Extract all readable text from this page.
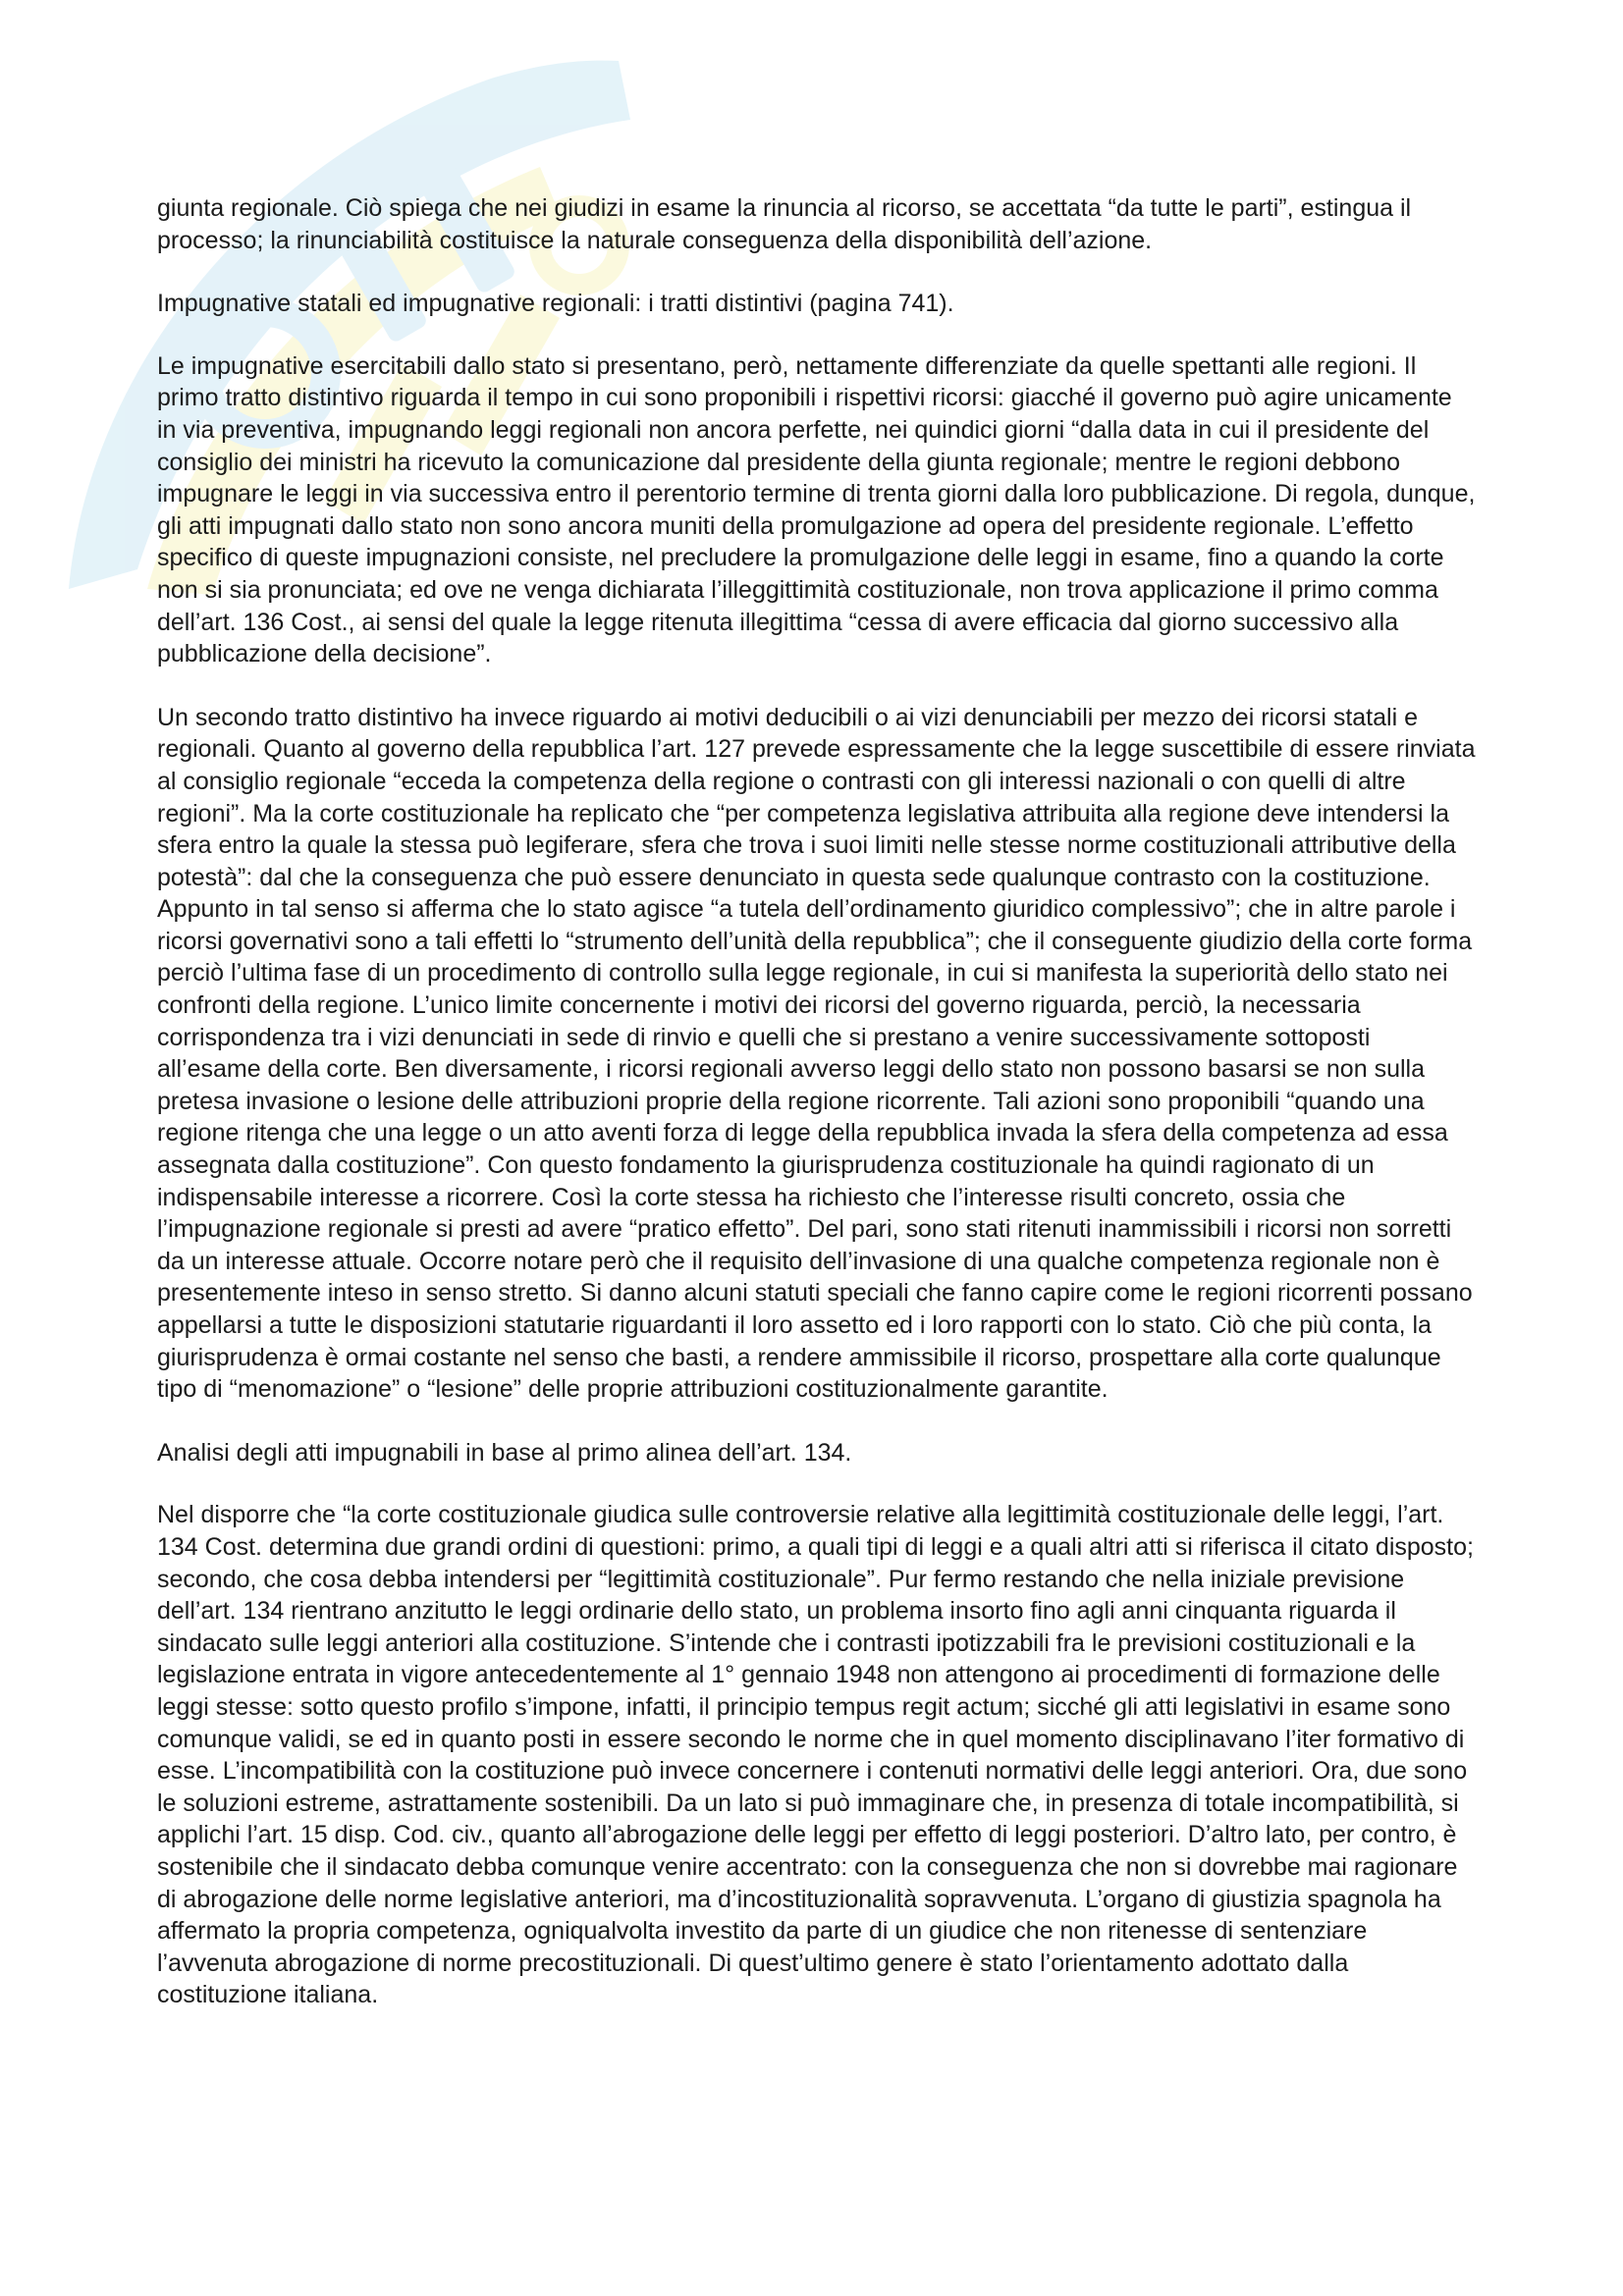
giunta regionale. Ciò spiega che nei giudizi in esame la rinuncia al ricorso, se accettata “da tutte le parti”, estingua il processo; la rinunciabilità costituisce la naturale conseguenza della disponibilità dell’azione.

Impugnative statali ed impugnative regionali: i tratti distintivi (pagina 741).

Le impugnative esercitabili dallo stato si presentano, però, nettamente differenziate da quelle spettanti alle regioni. Il primo tratto distintivo riguarda il tempo in cui sono proponibili i rispettivi ricorsi: giacché il governo può agire unicamente in via preventiva, impugnando leggi regionali non ancora perfette, nei quindici giorni “dalla data in cui il presidente del consiglio dei ministri ha ricevuto la comunicazione dal presidente della giunta regionale; mentre le regioni debbono impugnare le leggi in via successiva entro il perentorio termine di trenta giorni dalla loro pubblicazione. Di regola, dunque, gli atti impugnati dallo stato non sono ancora muniti della promulgazione ad opera del presidente regionale. L’effetto specifico di queste impugnazioni consiste, nel precludere la promulgazione delle leggi in esame, fino a quando la corte non si sia pronunciata; ed ove ne venga dichiarata l’illeggittimità costituzionale, non trova applicazione il primo comma dell’art. 136 Cost., ai sensi del quale la legge ritenuta illegittima “cessa di avere efficacia dal giorno successivo alla pubblicazione della decisione”.

Un secondo tratto distintivo ha invece riguardo ai motivi deducibili o ai vizi denunciabili per mezzo dei ricorsi statali e regionali. Quanto al governo della repubblica l’art. 127 prevede espressamente che la legge suscettibile di essere rinviata al consiglio regionale “ecceda la competenza della regione o contrasti con gli interessi nazionali o con quelli di altre regioni”. Ma la corte costituzionale ha replicato che “per competenza legislativa attribuita alla regione deve intendersi la sfera entro la quale la stessa può legiferare, sfera che trova i suoi limiti nelle stesse norme costituzionali attributive della potestà”: dal che la conseguenza che può essere denunciato in questa sede qualunque contrasto con la costituzione. Appunto in tal senso si afferma che lo stato agisce “a tutela dell’ordinamento giuridico complessivo”; che in altre parole i ricorsi governativi sono a tali effetti lo “strumento dell’unità della repubblica”; che il conseguente giudizio della corte forma perciò l’ultima fase di un procedimento di controllo sulla legge regionale, in cui si manifesta la superiorità dello stato nei confronti della regione. L’unico limite concernente i motivi dei ricorsi del governo riguarda, perciò, la necessaria corrispondenza tra i vizi denunciati in sede di rinvio e quelli che si prestano a venire successivamente sottoposti all’esame della corte. Ben diversamente, i ricorsi regionali avverso leggi dello stato non possono basarsi se non sulla pretesa invasione o lesione delle attribuzioni proprie della regione ricorrente. Tali azioni sono proponibili “quando una regione ritenga che una legge o un atto aventi forza di legge della repubblica invada la sfera della competenza ad essa assegnata dalla costituzione”. Con questo fondamento la giurisprudenza costituzionale ha quindi ragionato di un indispensabile interesse a ricorrere. Così la corte stessa ha richiesto che l’interesse risulti concreto, ossia che l’impugnazione regionale si presti ad avere “pratico effetto”. Del pari, sono stati ritenuti inammissibili i ricorsi non sorretti da un interesse attuale. Occorre notare però che il requisito dell’invasione di una qualche competenza regionale non è presentemente inteso in senso stretto. Si danno alcuni statuti speciali che fanno capire come le regioni ricorrenti possano appellarsi a tutte le disposizioni statutarie riguardanti il loro assetto ed i loro rapporti con lo stato. Ciò che più conta, la giurisprudenza è ormai costante nel senso che basti, a rendere ammissibile il ricorso, prospettare alla corte qualunque tipo di “menomazione” o “lesione” delle proprie attribuzioni costituzionalmente garantite.

Analisi degli atti impugnabili in base al primo alinea dell’art. 134.

Nel disporre che “la corte costituzionale giudica sulle controversie relative alla legittimità costituzionale delle leggi, l’art. 134 Cost. determina due grandi ordini di questioni: primo, a quali tipi di leggi e a quali altri atti si riferisca il citato disposto; secondo, che cosa debba intendersi per “legittimità costituzionale”. Pur fermo restando che nella iniziale previsione dell’art. 134 rientrano anzitutto le leggi ordinarie dello stato, un problema insorto fino agli anni cinquanta riguarda il sindacato sulle leggi anteriori alla costituzione. S’intende che i contrasti ipotizzabili fra le previsioni costituzionali e la legislazione entrata in vigore antecedentemente al 1° gennaio 1948 non attengono ai procedimenti di formazione delle leggi stesse: sotto questo profilo s’impone, infatti, il principio tempus regit actum; sicché gli atti legislativi in esame sono comunque validi, se ed in quanto posti in essere secondo le norme che in quel momento disciplinavano l’iter formativo di esse. L’incompatibilità con la costituzione può invece concernere i contenuti normativi delle leggi anteriori. Ora, due sono le soluzioni estreme, astrattamente sostenibili. Da un lato si può immaginare che, in presenza di totale incompatibilità, si applichi l’art. 15 disp. Cod. civ., quanto all’abrogazione delle leggi per effetto di leggi posteriori. D’altro lato, per contro, è sostenibile che il sindacato debba comunque venire accentrato: con la conseguenza che non si dovrebbe mai ragionare di abrogazione delle norme legislative anteriori, ma d’incostituzionalità sopravvenuta. L’organo di giustizia spagnola ha affermato la propria competenza, ogniqualvolta investito da parte di un giudice che non ritenesse di sentenziare l’avvenuta abrogazione di norme precostituzionali. Di quest’ultimo genere è stato l’orientamento adottato dalla costituzione italiana.
